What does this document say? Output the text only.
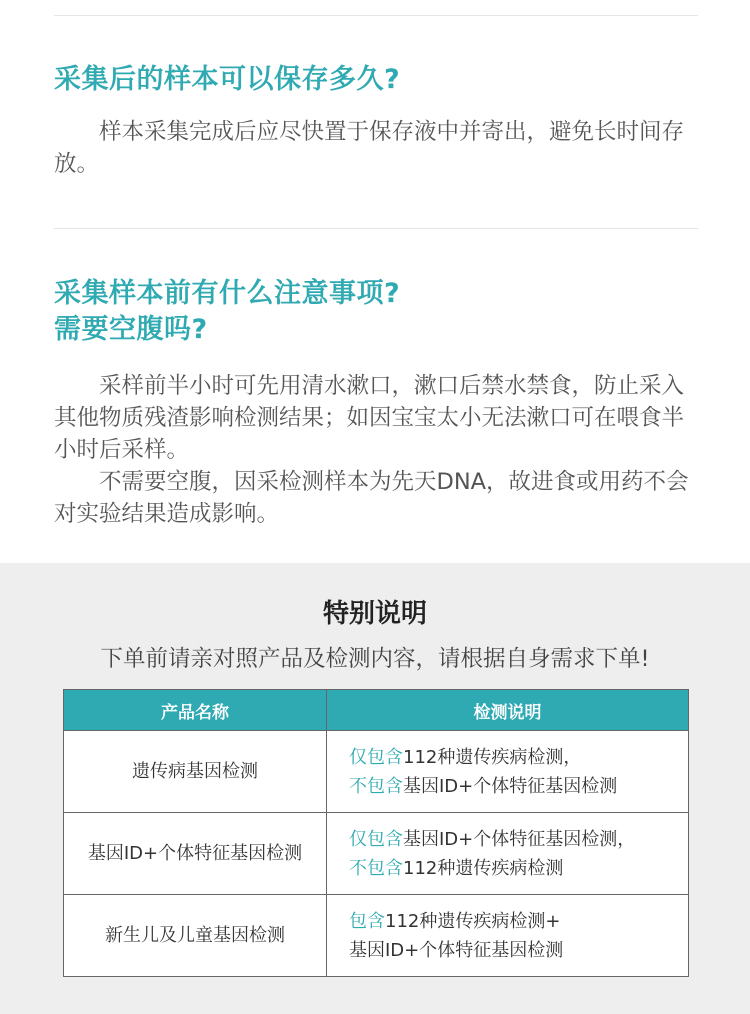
采集后的样本可以保存多久?

样本采集完成后应尽快置于保存液中并寄出，避免长时间存放。

采集样本前有什么注意事项?
需要空腹吗?

采样前半小时可先用清水漱口，漱口后禁水禁食，防止采入其他物质残渣影响检测结果；如因宝宝太小无法漱口可在喂食半小时后采样。

不需要空腹，因采检测样本为先天DNA，故进食或用药不会对实验结果造成影响。

特别说明
下单前请亲对照产品及检测内容，请根据自身需求下单!
产品名称	检测说明
遗传病基因检测	仅包含112种遗传疾病检测，
不包含基因ID+个体特征基因检测
基因ID+个体特征基因检测	仅包含基因ID+个体特征基因检测，
不包含112种遗传疾病检测
新生儿及儿童基因检测	包含112种遗传疾病检测+
基因ID+个体特征基因检测
